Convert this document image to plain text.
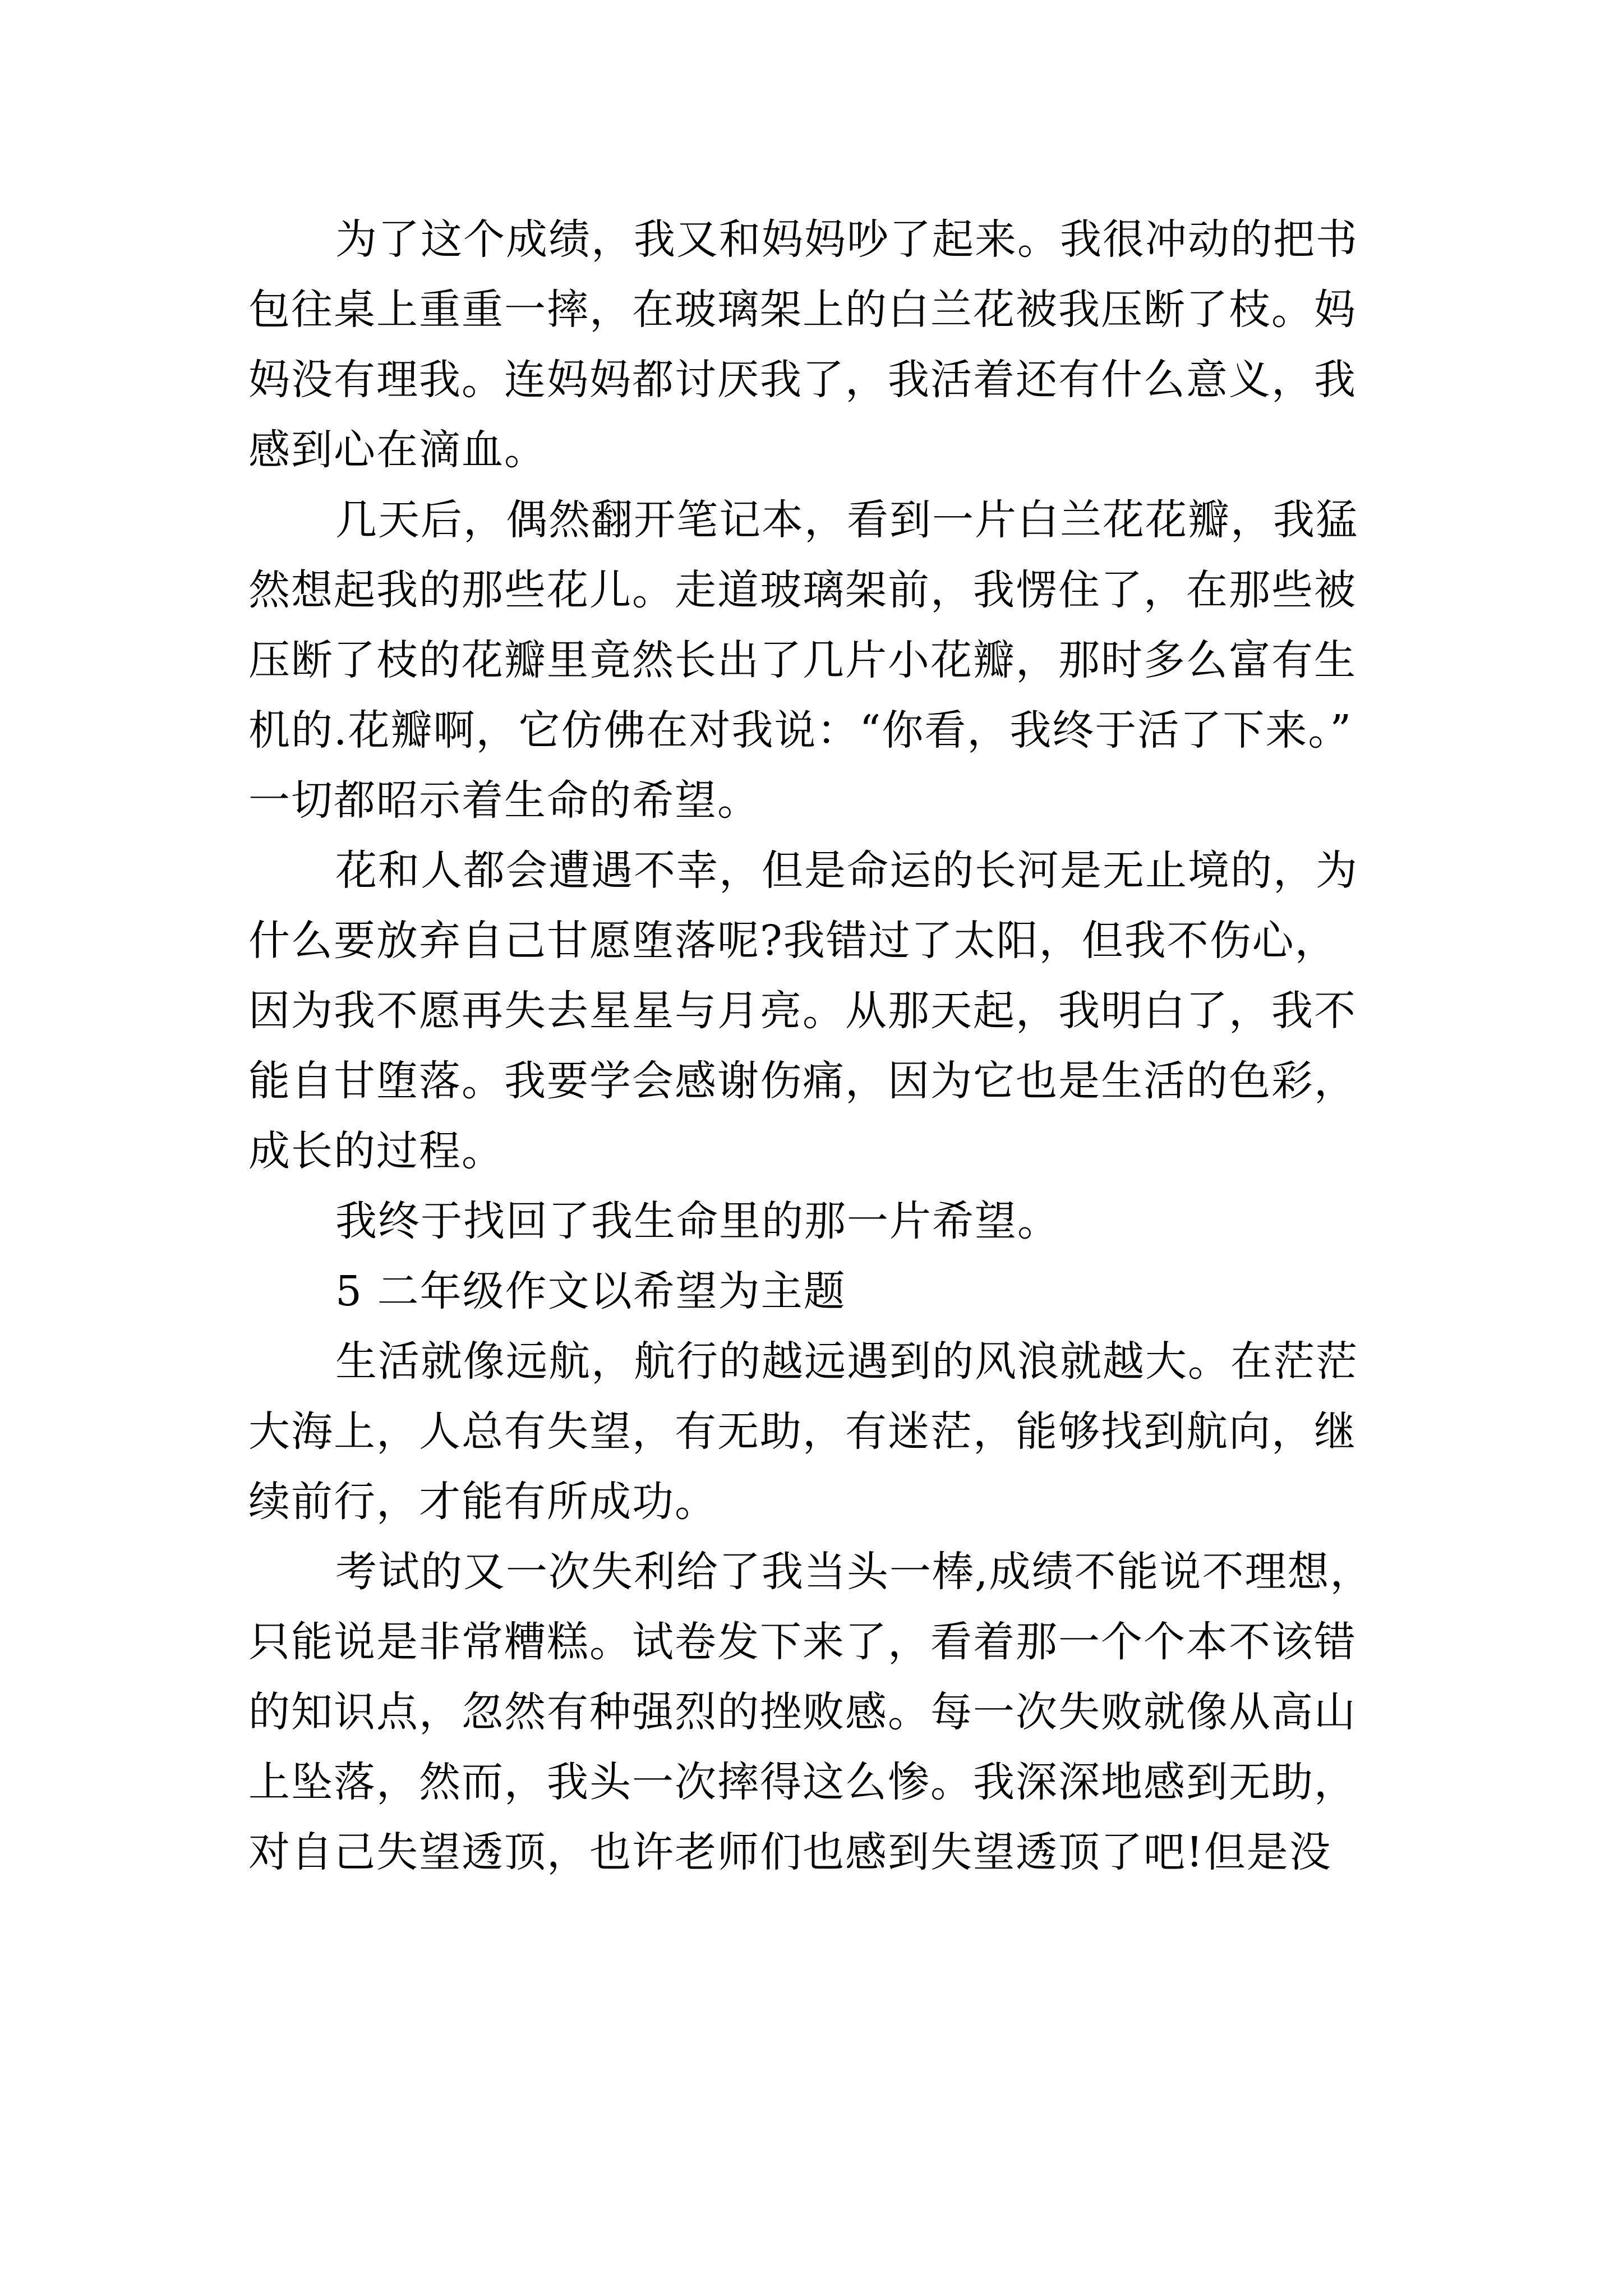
为了这个成绩，我又和妈妈吵了起来。我很冲动的把书
包往桌上重重一摔，在玻璃架上的白兰花被我压断了枝。妈
妈没有理我。连妈妈都讨厌我了，我活着还有什么意义，我
感到心在滴血。
几天后，偶然翻开笔记本，看到一片白兰花花瓣，我猛
然想起我的那些花儿。走道玻璃架前，我愣住了，在那些被
压断了枝的花瓣里竟然长出了几片小花瓣，那时多么富有生
机的.花瓣啊，它仿佛在对我说：“你看，我终于活了下来。”
一切都昭示着生命的希望。
花和人都会遭遇不幸，但是命运的长河是无止境的，为
什么要放弃自己甘愿堕落呢?我错过了太阳，但我不伤心，
因为我不愿再失去星星与月亮。从那天起，我明白了，我不
能自甘堕落。我要学会感谢伤痛，因为它也是生活的色彩，
成长的过程。
我终于找回了我生命里的那一片希望。
5 二年级作文以希望为主题
生活就像远航，航行的越远遇到的风浪就越大。在茫茫
大海上，人总有失望，有无助，有迷茫，能够找到航向，继
续前行，才能有所成功。
考试的又一次失利给了我当头一棒,成绩不能说不理想，
只能说是非常糟糕。试卷发下来了，看着那一个个本不该错
的知识点，忽然有种强烈的挫败感。每一次失败就像从高山
上坠落，然而，我头一次摔得这么惨。我深深地感到无助，
对自己失望透顶，也许老师们也感到失望透顶了吧!但是没
